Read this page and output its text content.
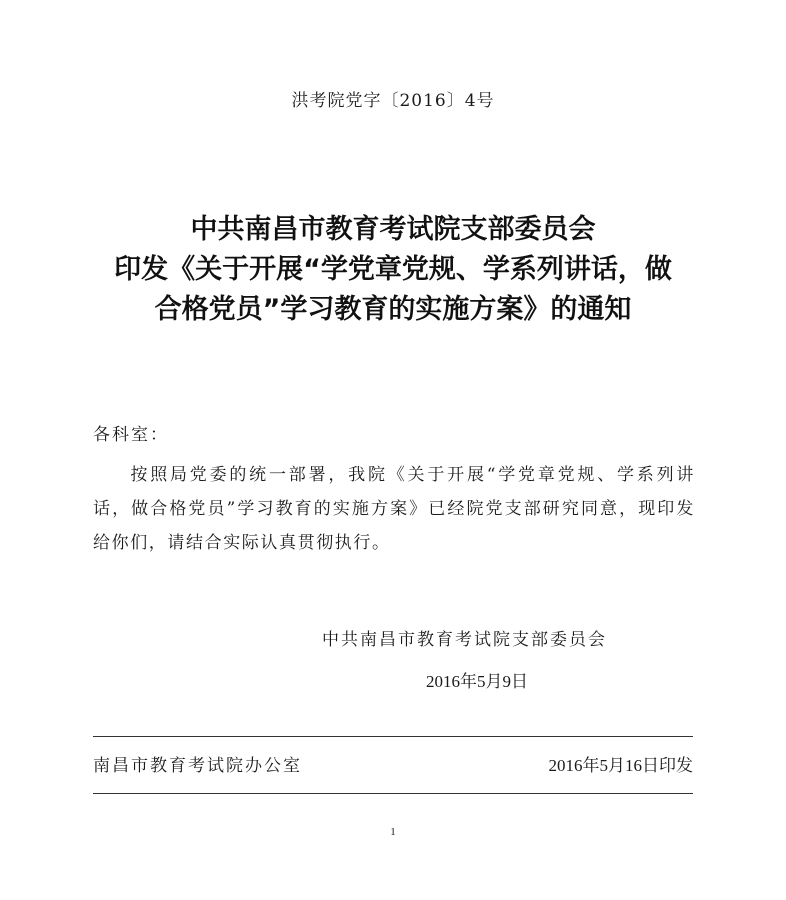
洪考院党字〔2016〕4号
中共南昌市教育考试院支部委员会
印发《关于开展“学党章党规、学系列讲话，做
合格党员”学习教育的实施方案》的通知
各科室：
按照局党委的统一部署，我院《关于开展“学党章党规、学系列讲话，做合格党员”学习教育的实施方案》已经院党支部研究同意，现印发给你们，请结合实际认真贯彻执行。
中共南昌市教育考试院支部委员会
2016年5月9日
南昌市教育考试院办公室	2016年5月16日印发
1
